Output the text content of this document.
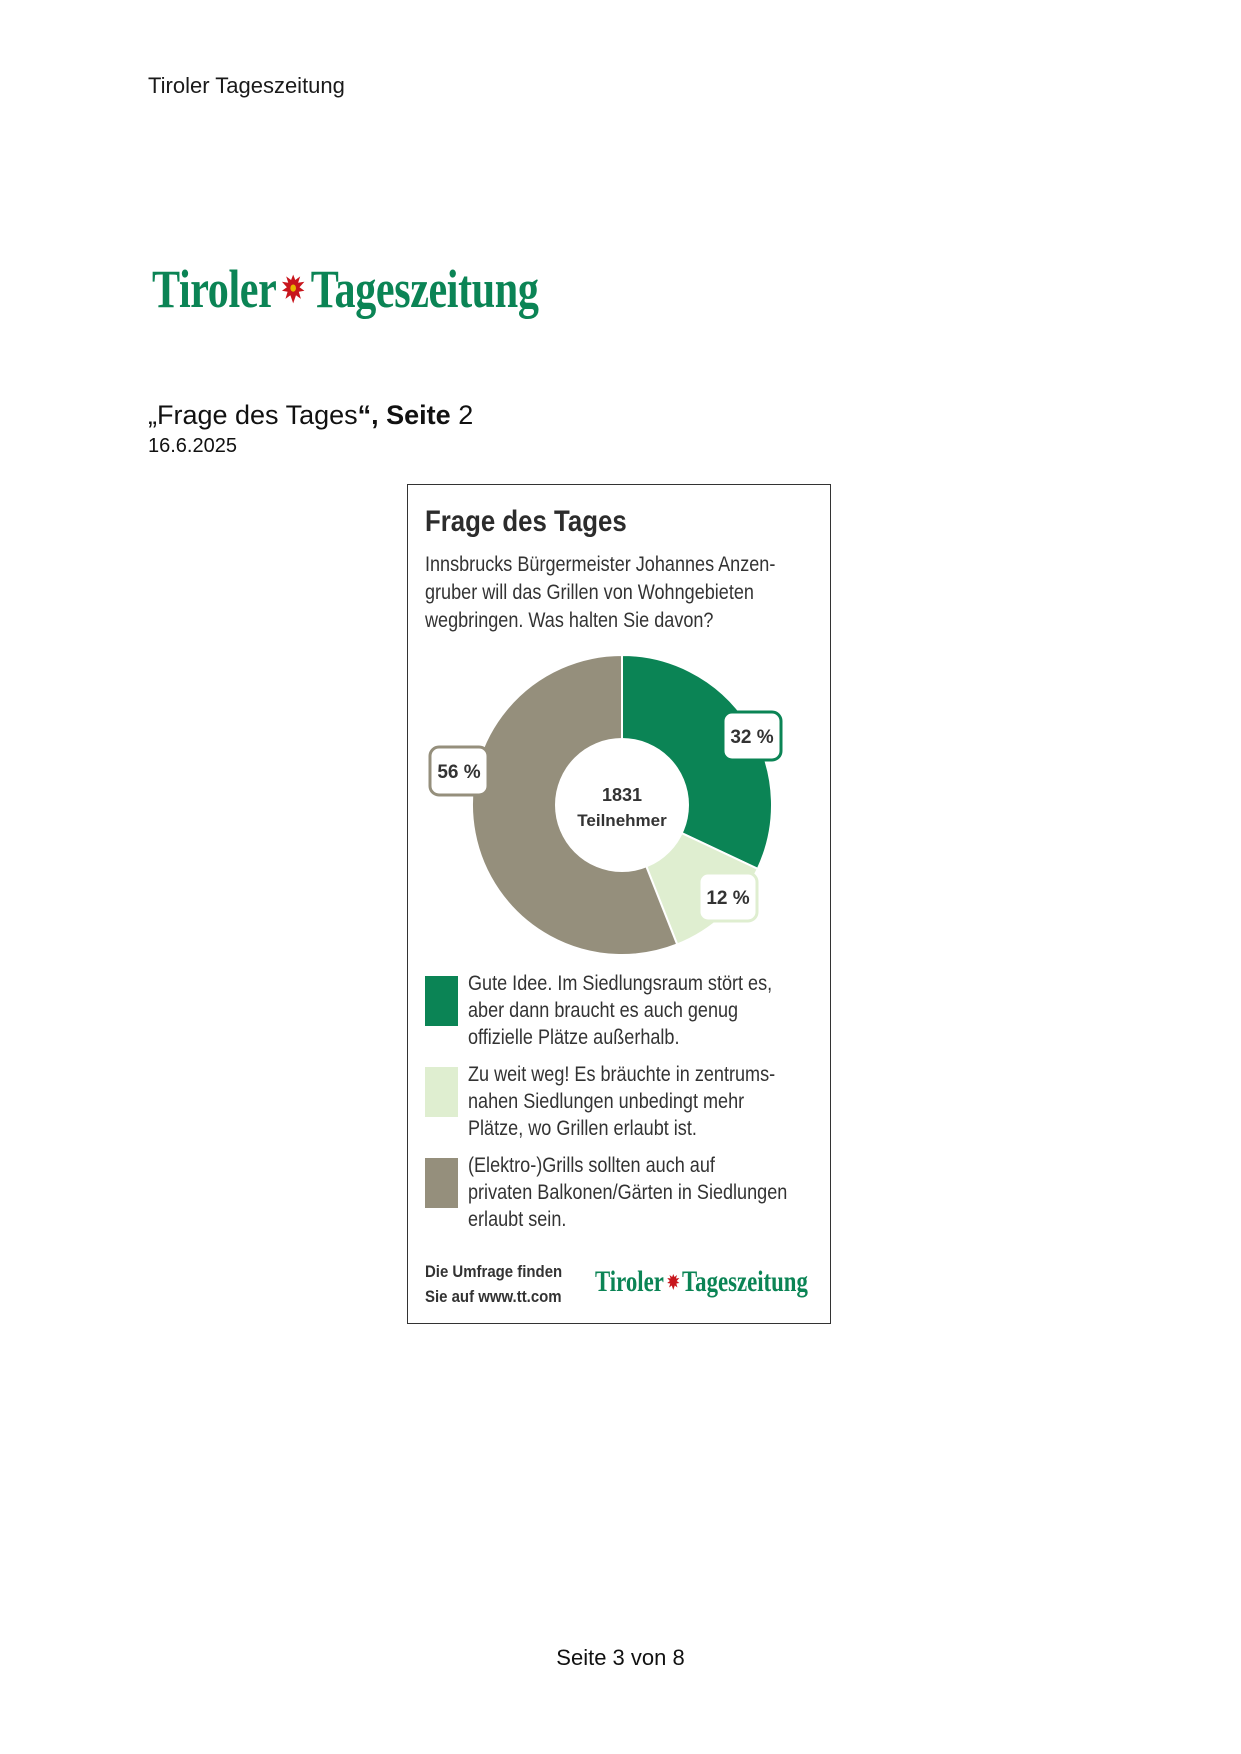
Tiroler Tageszeitung
Tiroler Tageszeitung
„Frage des Tages“, Seite 2
16.6.2025
Frage des Tages
Innsbrucks Bürgermeister Johannes Anzen-
gruber will das Grillen von Wohngebieten
wegbringen. Was halten Sie davon?
1831
Teilnehmer
32 %
12 %
56 %
Gute Idee. Im Siedlungsraum stört es,
aber dann braucht es auch genug
offizielle Plätze außerhalb.
Zu weit weg! Es bräuchte in zentrums-
nahen Siedlungen unbedingt mehr
Plätze, wo Grillen erlaubt ist.
(Elektro-)Grills sollten auch auf
privaten Balkonen/Gärten in Siedlungen
erlaubt sein.
Die Umfrage finden
Sie auf www.tt.com Tiroler Tageszeitung
Seite 3 von 8
